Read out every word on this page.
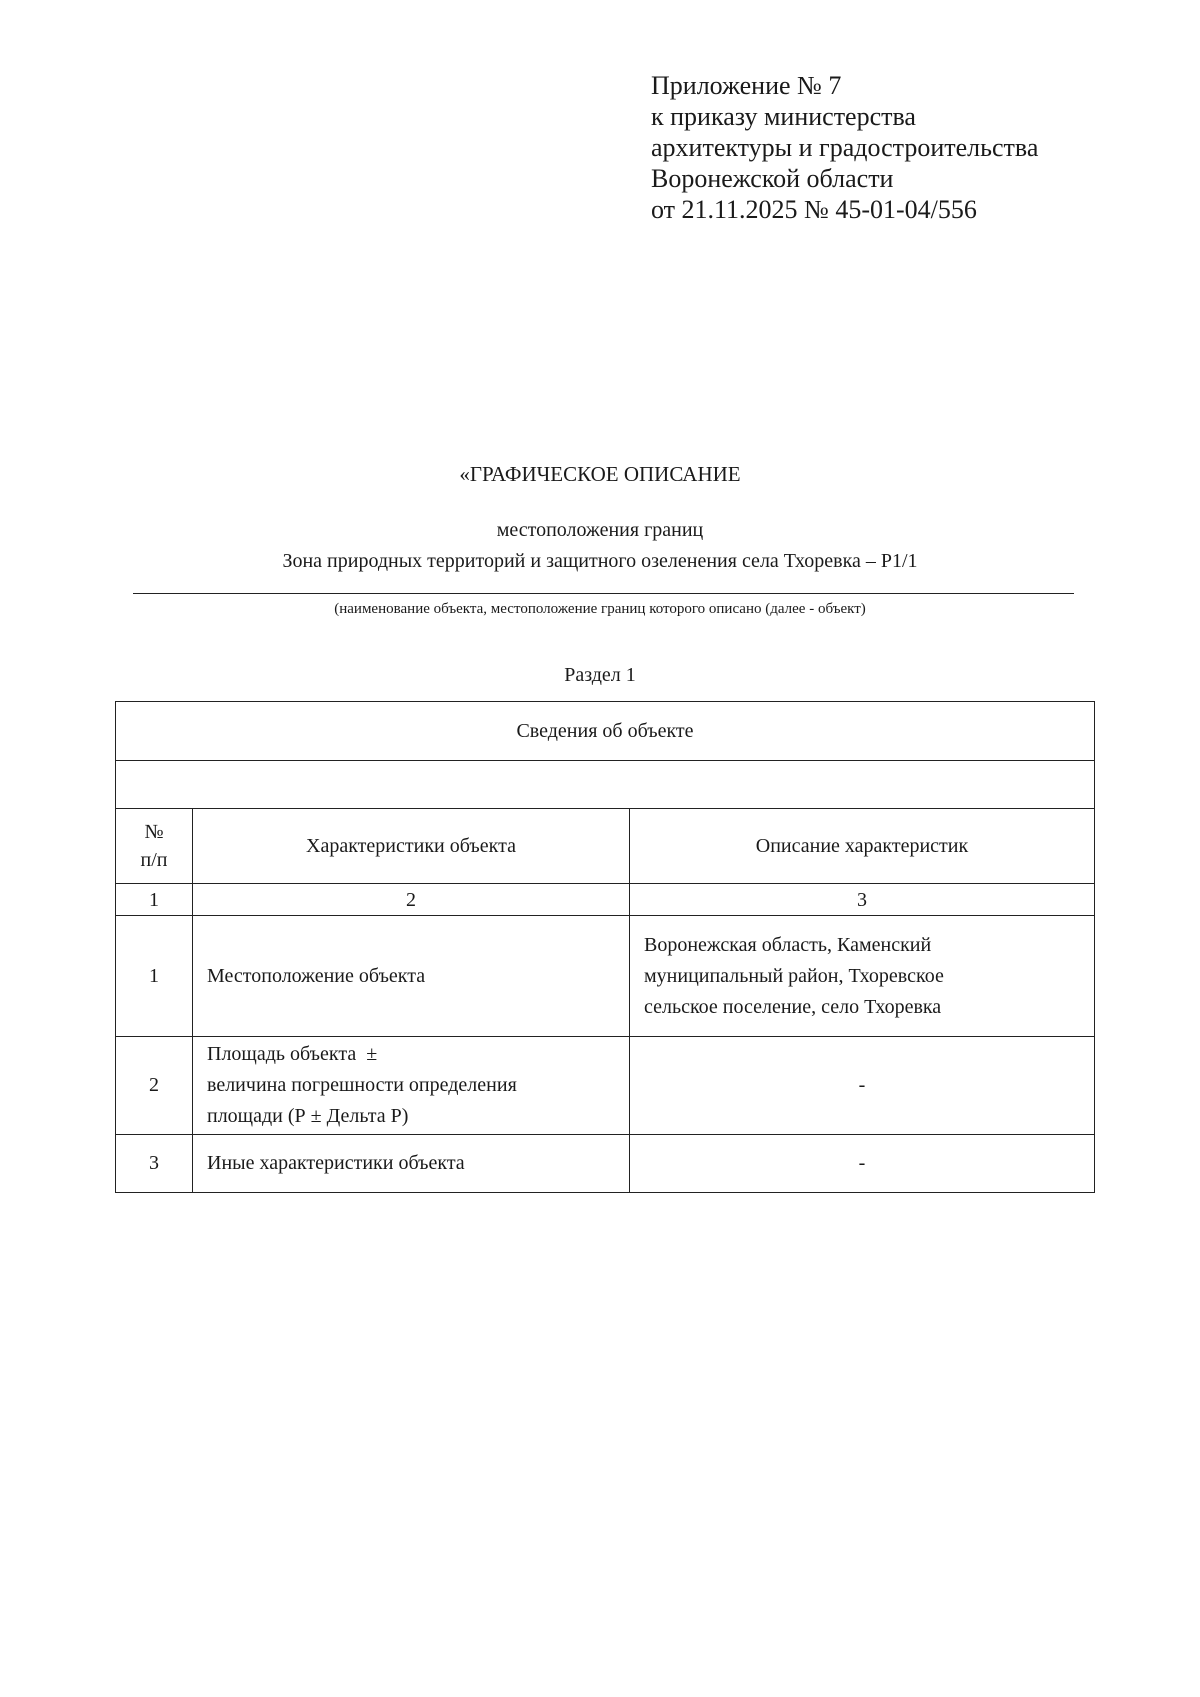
Приложение № 7
к приказу министерства
архитектуры и градостроительства
Воронежской области
от 21.11.2025 № 45-01-04/556
«ГРАФИЧЕСКОЕ ОПИСАНИЕ
местоположения границ
Зона природных территорий и защитного озеленения села Тхоревка – Р1/1
(наименование объекта, местоположение границ которого описано (далее - объект)
Раздел 1
Сведения об объекте		

№
п/п	Характеристики объекта	Описание характеристик
1	2	3
1	Местоположение объекта	Воронежская область, Каменский
муниципальный район, Тхоревское
сельское поселение, село Тхоревка

2	Площадь объекта  ±
величина погрешности определения
площади (Р ± Дельта Р)	-

3	Иные характеристики объекта	-
